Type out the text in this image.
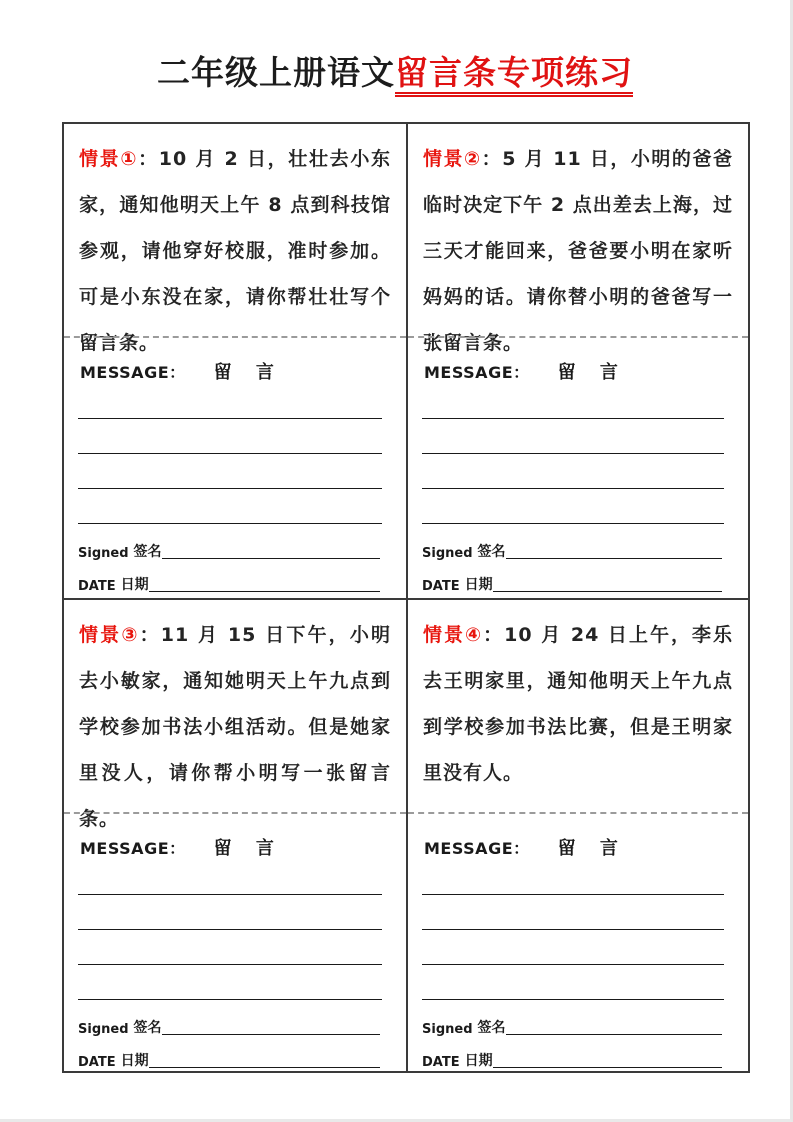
二年级上册语文留言条专项练习

情景①：10 月 2 日，壮壮去小东家，通知他明天上午 8 点到科技馆参观，请他穿好校服，准时参加。可是小东没在家，请你帮壮壮写个留言条。

MESSAGE： 留 言
Signed 签名
DATE 日期

情景②：5 月 11 日，小明的爸爸临时决定下午 2 点出差去上海，过三天才能回来，爸爸要小明在家听妈妈的话。请你替小明的爸爸写一张留言条。

MESSAGE： 留 言
Signed 签名
DATE 日期

情景③：11 月 15 日下午，小明去小敏家，通知她明天上午九点到学校参加书法小组活动。但是她家里没人，请你帮小明写一张留言条。

MESSAGE： 留 言
Signed 签名
DATE 日期

情景④：10 月 24 日上午，李乐去王明家里，通知他明天上午九点到学校参加书法比赛，但是王明家里没有人。

MESSAGE： 留 言
Signed 签名
DATE 日期
